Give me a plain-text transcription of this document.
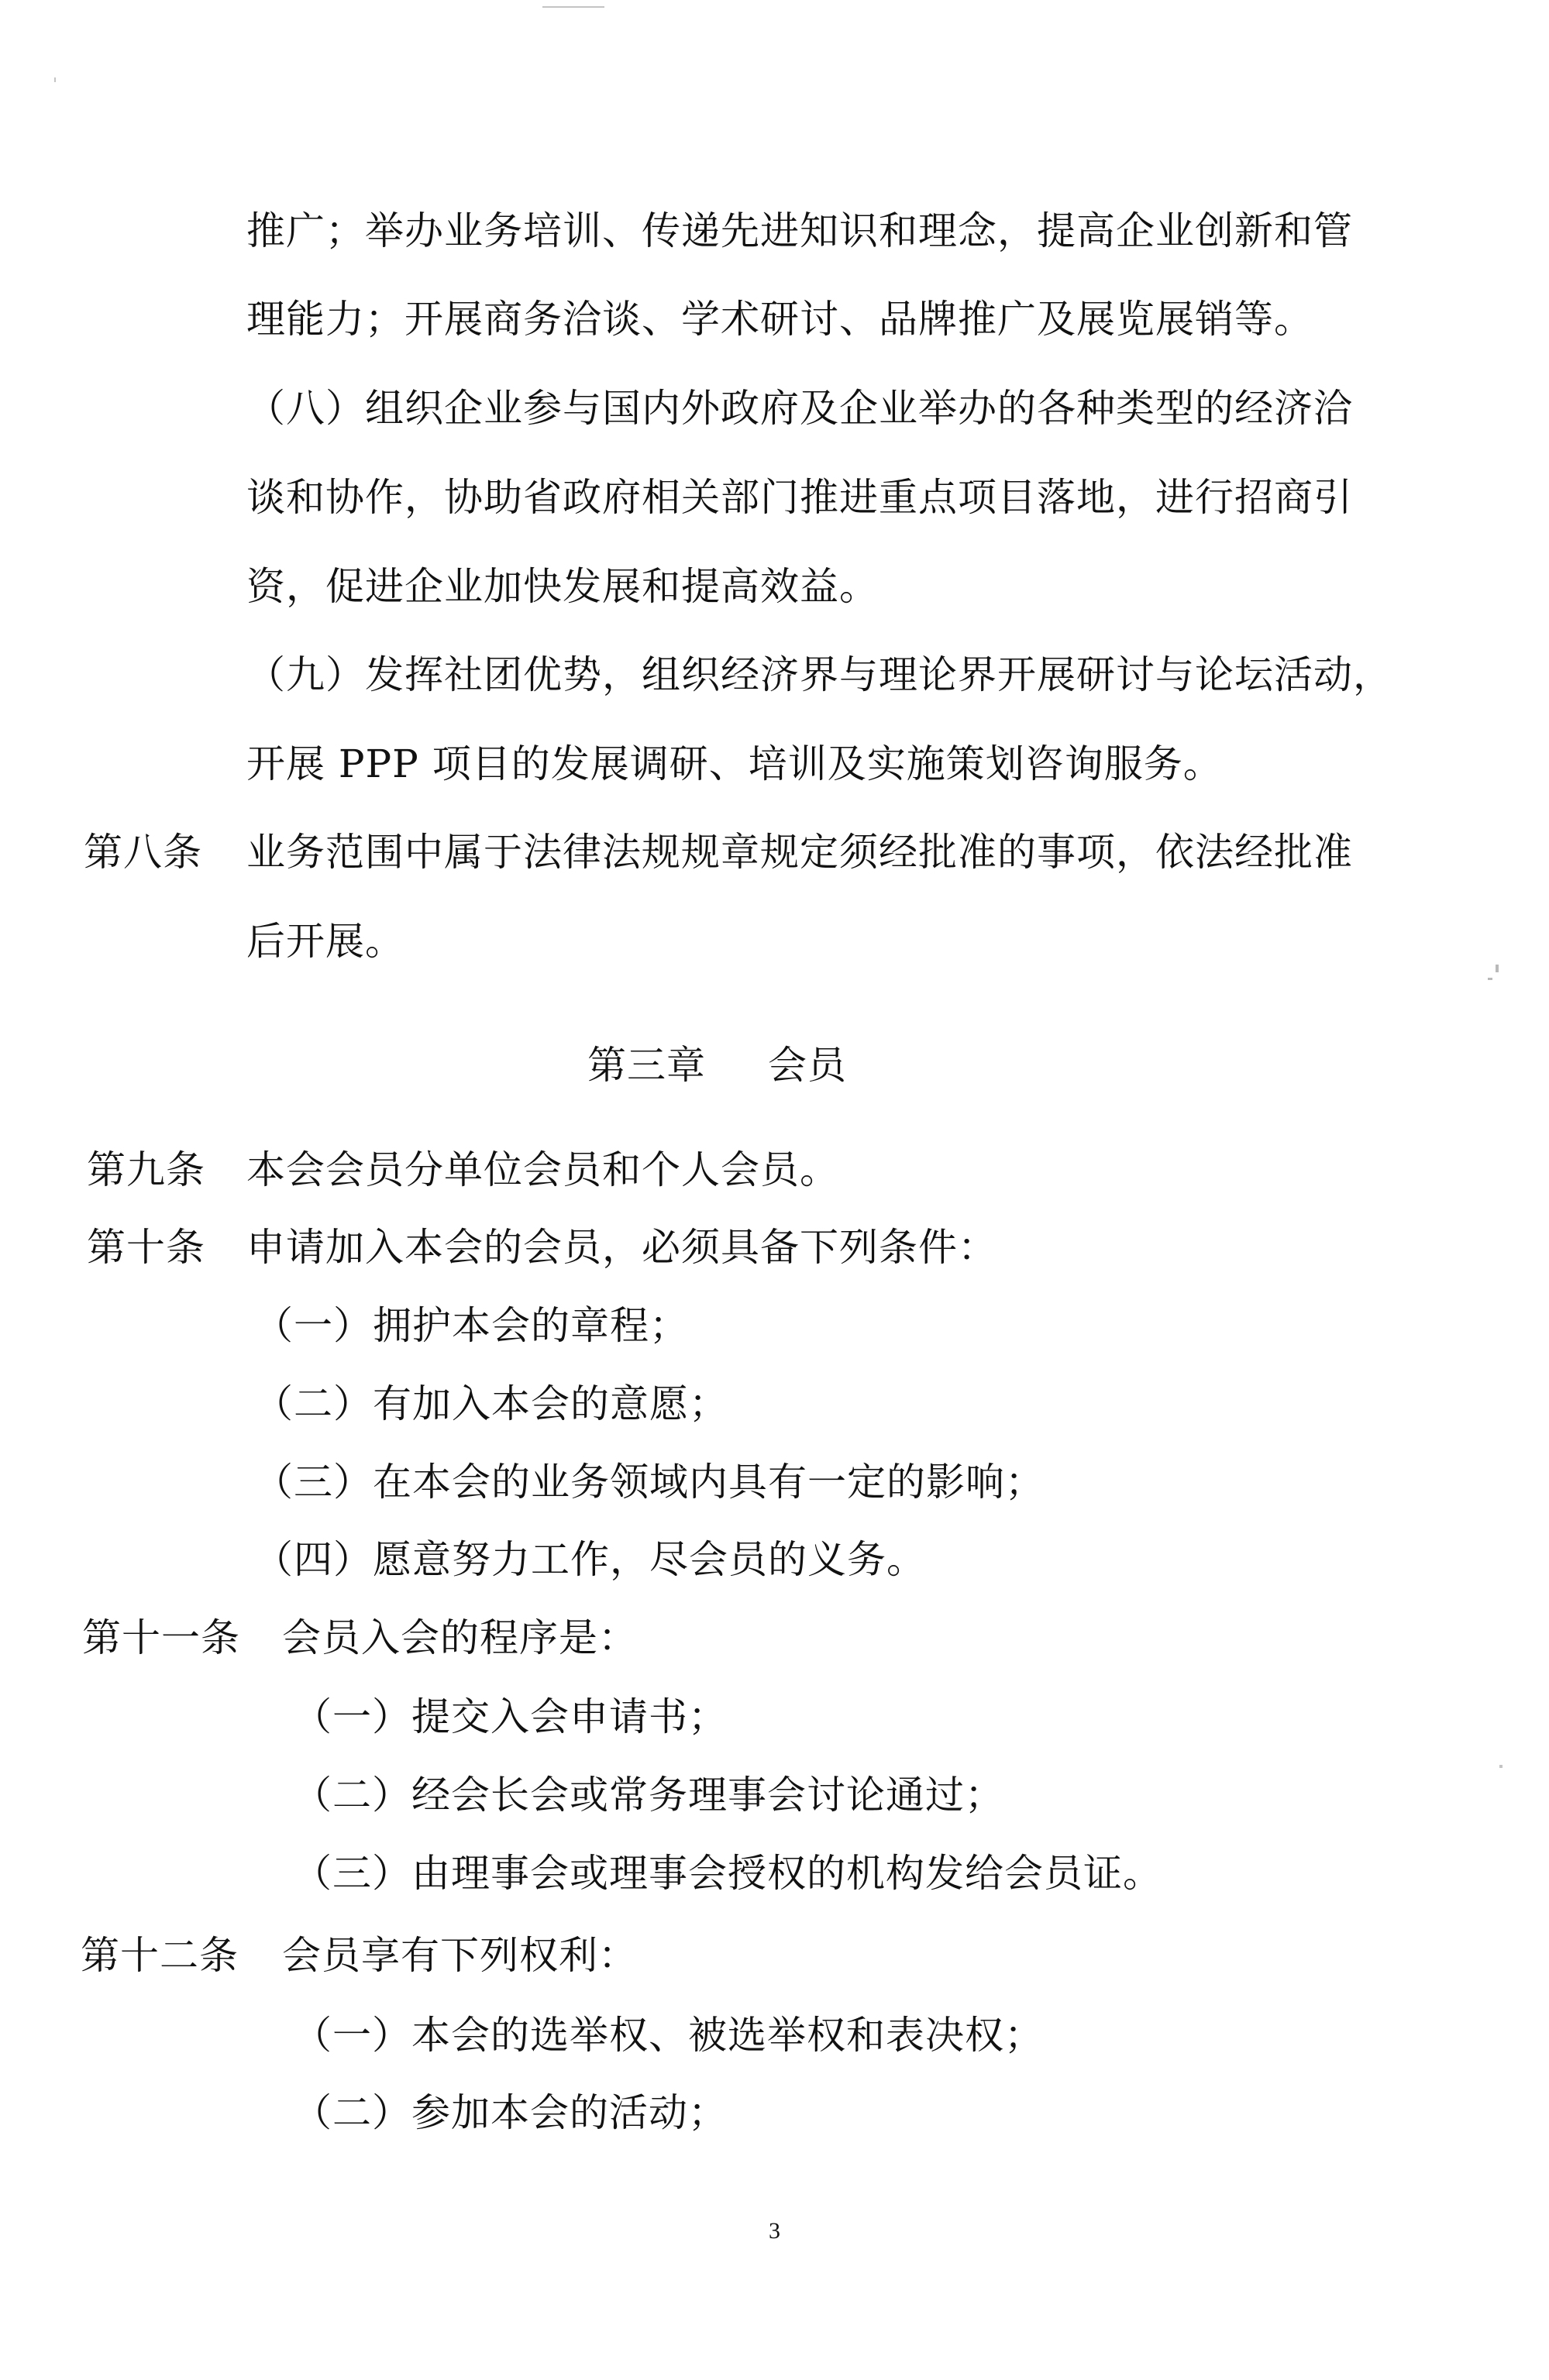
推广；举办业务培训、传递先进知识和理念，提高企业创新和管
理能力；开展商务洽谈、学术研讨、品牌推广及展览展销等。
（八）组织企业参与国内外政府及企业举办的各种类型的经济洽
谈和协作，协助省政府相关部门推进重点项目落地，进行招商引
资，促进企业加快发展和提高效益。
（九）发挥社团优势，组织经济界与理论界开展研讨与论坛活动，
开展 PPP 项目的发展调研、培训及实施策划咨询服务。
第八条 业务范围中属于法律法规规章规定须经批准的事项，依法经批准
后开展。
第三章 会员
第九条 本会会员分单位会员和个人会员。
第十条 申请加入本会的会员，必须具备下列条件：
（一）拥护本会的章程；
（二）有加入本会的意愿；
（三）在本会的业务领域内具有一定的影响；
（四）愿意努力工作，尽会员的义务。
第十一条 会员入会的程序是：
（一）提交入会申请书；
（二）经会长会或常务理事会讨论通过；
（三）由理事会或理事会授权的机构发给会员证。
第十二条 会员享有下列权利：
（一）本会的选举权、被选举权和表决权；
（二）参加本会的活动；
3
